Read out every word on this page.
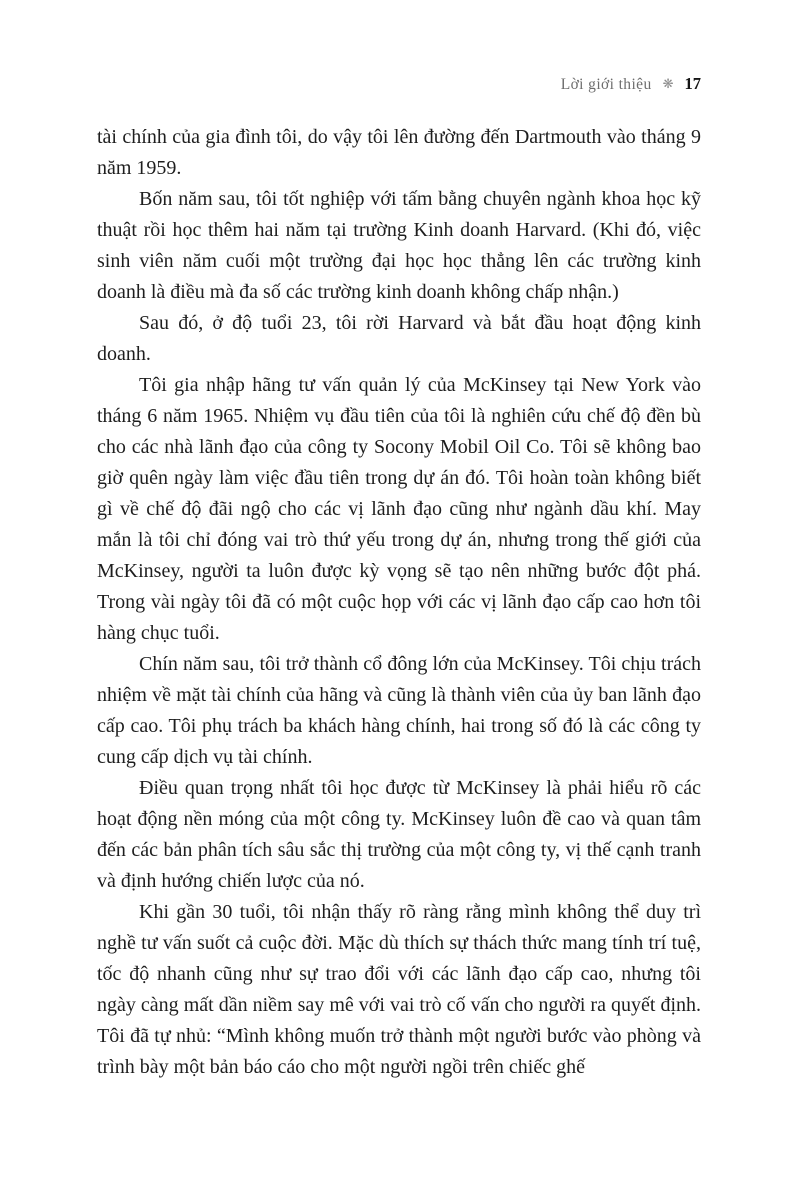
Lời giới thiệu ❋ 17

tài chính của gia đình tôi, do vậy tôi lên đường đến Dartmouth vào tháng 9 năm 1959.

Bốn năm sau, tôi tốt nghiệp với tấm bằng chuyên ngành khoa học kỹ thuật rồi học thêm hai năm tại trường Kinh doanh Harvard. (Khi đó, việc sinh viên năm cuối một trường đại học học thẳng lên các trường kinh doanh là điều mà đa số các trường kinh doanh không chấp nhận.)

Sau đó, ở độ tuổi 23, tôi rời Harvard và bắt đầu hoạt động kinh doanh.

Tôi gia nhập hãng tư vấn quản lý của McKinsey tại New York vào tháng 6 năm 1965. Nhiệm vụ đầu tiên của tôi là nghiên cứu chế độ đền bù cho các nhà lãnh đạo của công ty Socony Mobil Oil Co. Tôi sẽ không bao giờ quên ngày làm việc đầu tiên trong dự án đó. Tôi hoàn toàn không biết gì về chế độ đãi ngộ cho các vị lãnh đạo cũng như ngành dầu khí. May mắn là tôi chỉ đóng vai trò thứ yếu trong dự án, nhưng trong thế giới của McKinsey, người ta luôn được kỳ vọng sẽ tạo nên những bước đột phá. Trong vài ngày tôi đã có một cuộc họp với các vị lãnh đạo cấp cao hơn tôi hàng chục tuổi.

Chín năm sau, tôi trở thành cổ đông lớn của McKinsey. Tôi chịu trách nhiệm về mặt tài chính của hãng và cũng là thành viên của ủy ban lãnh đạo cấp cao. Tôi phụ trách ba khách hàng chính, hai trong số đó là các công ty cung cấp dịch vụ tài chính.

Điều quan trọng nhất tôi học được từ McKinsey là phải hiểu rõ các hoạt động nền móng của một công ty. McKinsey luôn đề cao và quan tâm đến các bản phân tích sâu sắc thị trường của một công ty, vị thế cạnh tranh và định hướng chiến lược của nó.

Khi gần 30 tuổi, tôi nhận thấy rõ ràng rằng mình không thể duy trì nghề tư vấn suốt cả cuộc đời. Mặc dù thích sự thách thức mang tính trí tuệ, tốc độ nhanh cũng như sự trao đổi với các lãnh đạo cấp cao, nhưng tôi ngày càng mất dần niềm say mê với vai trò cố vấn cho người ra quyết định. Tôi đã tự nhủ: “Mình không muốn trở thành một người bước vào phòng và trình bày một bản báo cáo cho một người ngồi trên chiếc ghế
